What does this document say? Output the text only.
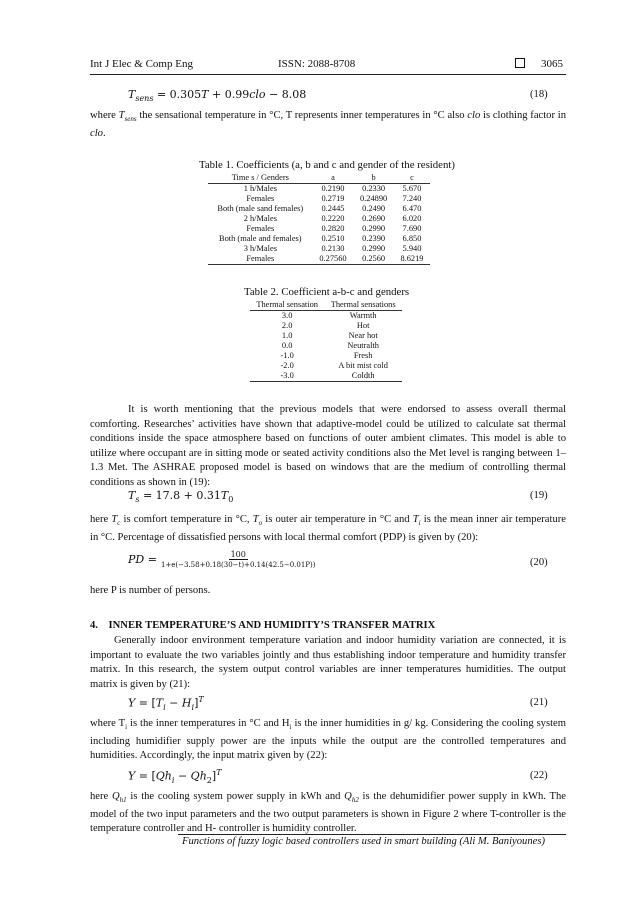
Int J Elec & Comp Eng	ISSN: 2088-8708	3065
$T_{sens} = 0.305T + 0.99clo - 8.08$	(18)
where $T_{sens}$ the sensational temperature in °C, T represents inner temperatures in °C also clo is clothing factor in clo.
Table 1. Coefficients (a, b and c and gender of the resident)
Time s / Genders	a	b	c
1 h/Males	0.2190	0.2330	5.670
Females	0.2719	0.24890	7.240
Both (male sand females)	0.2445	0.2490	6.470
2 h/Males	0.2220	0.2690	6.020
Females	0.2820	0.2990	7.690
Both (male and females)	0.2510	0.2390	6.850
3 h/Males	0.2130	0.2990	5.940
Females	0.27560	0.2560	8.6219
Table 2. Coefficient a-b-c and genders
Thermal sensation	Thermal sensations
3.0	Warmth
2.0	Hot
1.0	Near hot
0.0	Neutralth
-1.0	Fresh
-2.0	A bit mist cold
-3.0	Coldth
It is worth mentioning that the previous models that were endorsed to assess overall thermal comforting. Researches’ activities have shown that adaptive-model could be utilized to calculate sat thermal conditions inside the space atmosphere based on functions of outer ambient climates. This model is able to utilize where occupant are in sitting mode or seated activity conditions also the Met level is ranging between 1–1.3 Met. The ASHRAE proposed model is based on windows that are the medium of controlling thermal conditions as shown in (19):
$T_s = 17.8 + 0.31T_0$	(19)
here $T_c$ is comfort temperature in °C, $T_o$ is outer air temperature in °C and $T_i$ is the mean inner air temperature in °C. Percentage of dissatisfied persons with local thermal comfort (PDP) is given by (20):
PD = $\frac{100}{1+e(-3.58+0.18(30-t)+0.14(42.5-0.01P))}$	(20)
here P is number of persons.
4.    INNER TEMPERATURE’S AND HUMIDITY’S TRANSFER MATRIX
Generally indoor environment temperature variation and indoor humidity variation are connected, it is important to evaluate the two variables jointly and thus establishing indoor temperature and humidity transfer matrix. In this research, the system output control variables are inner temperatures humidities. The output matrix is given by (21):
$Y = [T_i - H_i]^T$	(21)
where $T_i$ is the inner temperatures in °C and $H_i$ is the inner humidities in g/ kg. Considering the cooling system including humidifier supply power are the inputs while the output are the controlled temperatures and humidities. Accordingly, the input matrix given by (22):
$Y = [Qh_i - Qh_2]^T$	(22)
here $Q_{h1}$ is the cooling system power supply in kWh and $Q_{h2}$ is the dehumidifier power supply in kWh. The model of the two input parameters and the two output parameters is shown in Figure 2 where T-controller is the temperature controller and H- controller is humidity controller.
Functions of fuzzy logic based controllers used in smart building (Ali M. Baniyounes)
